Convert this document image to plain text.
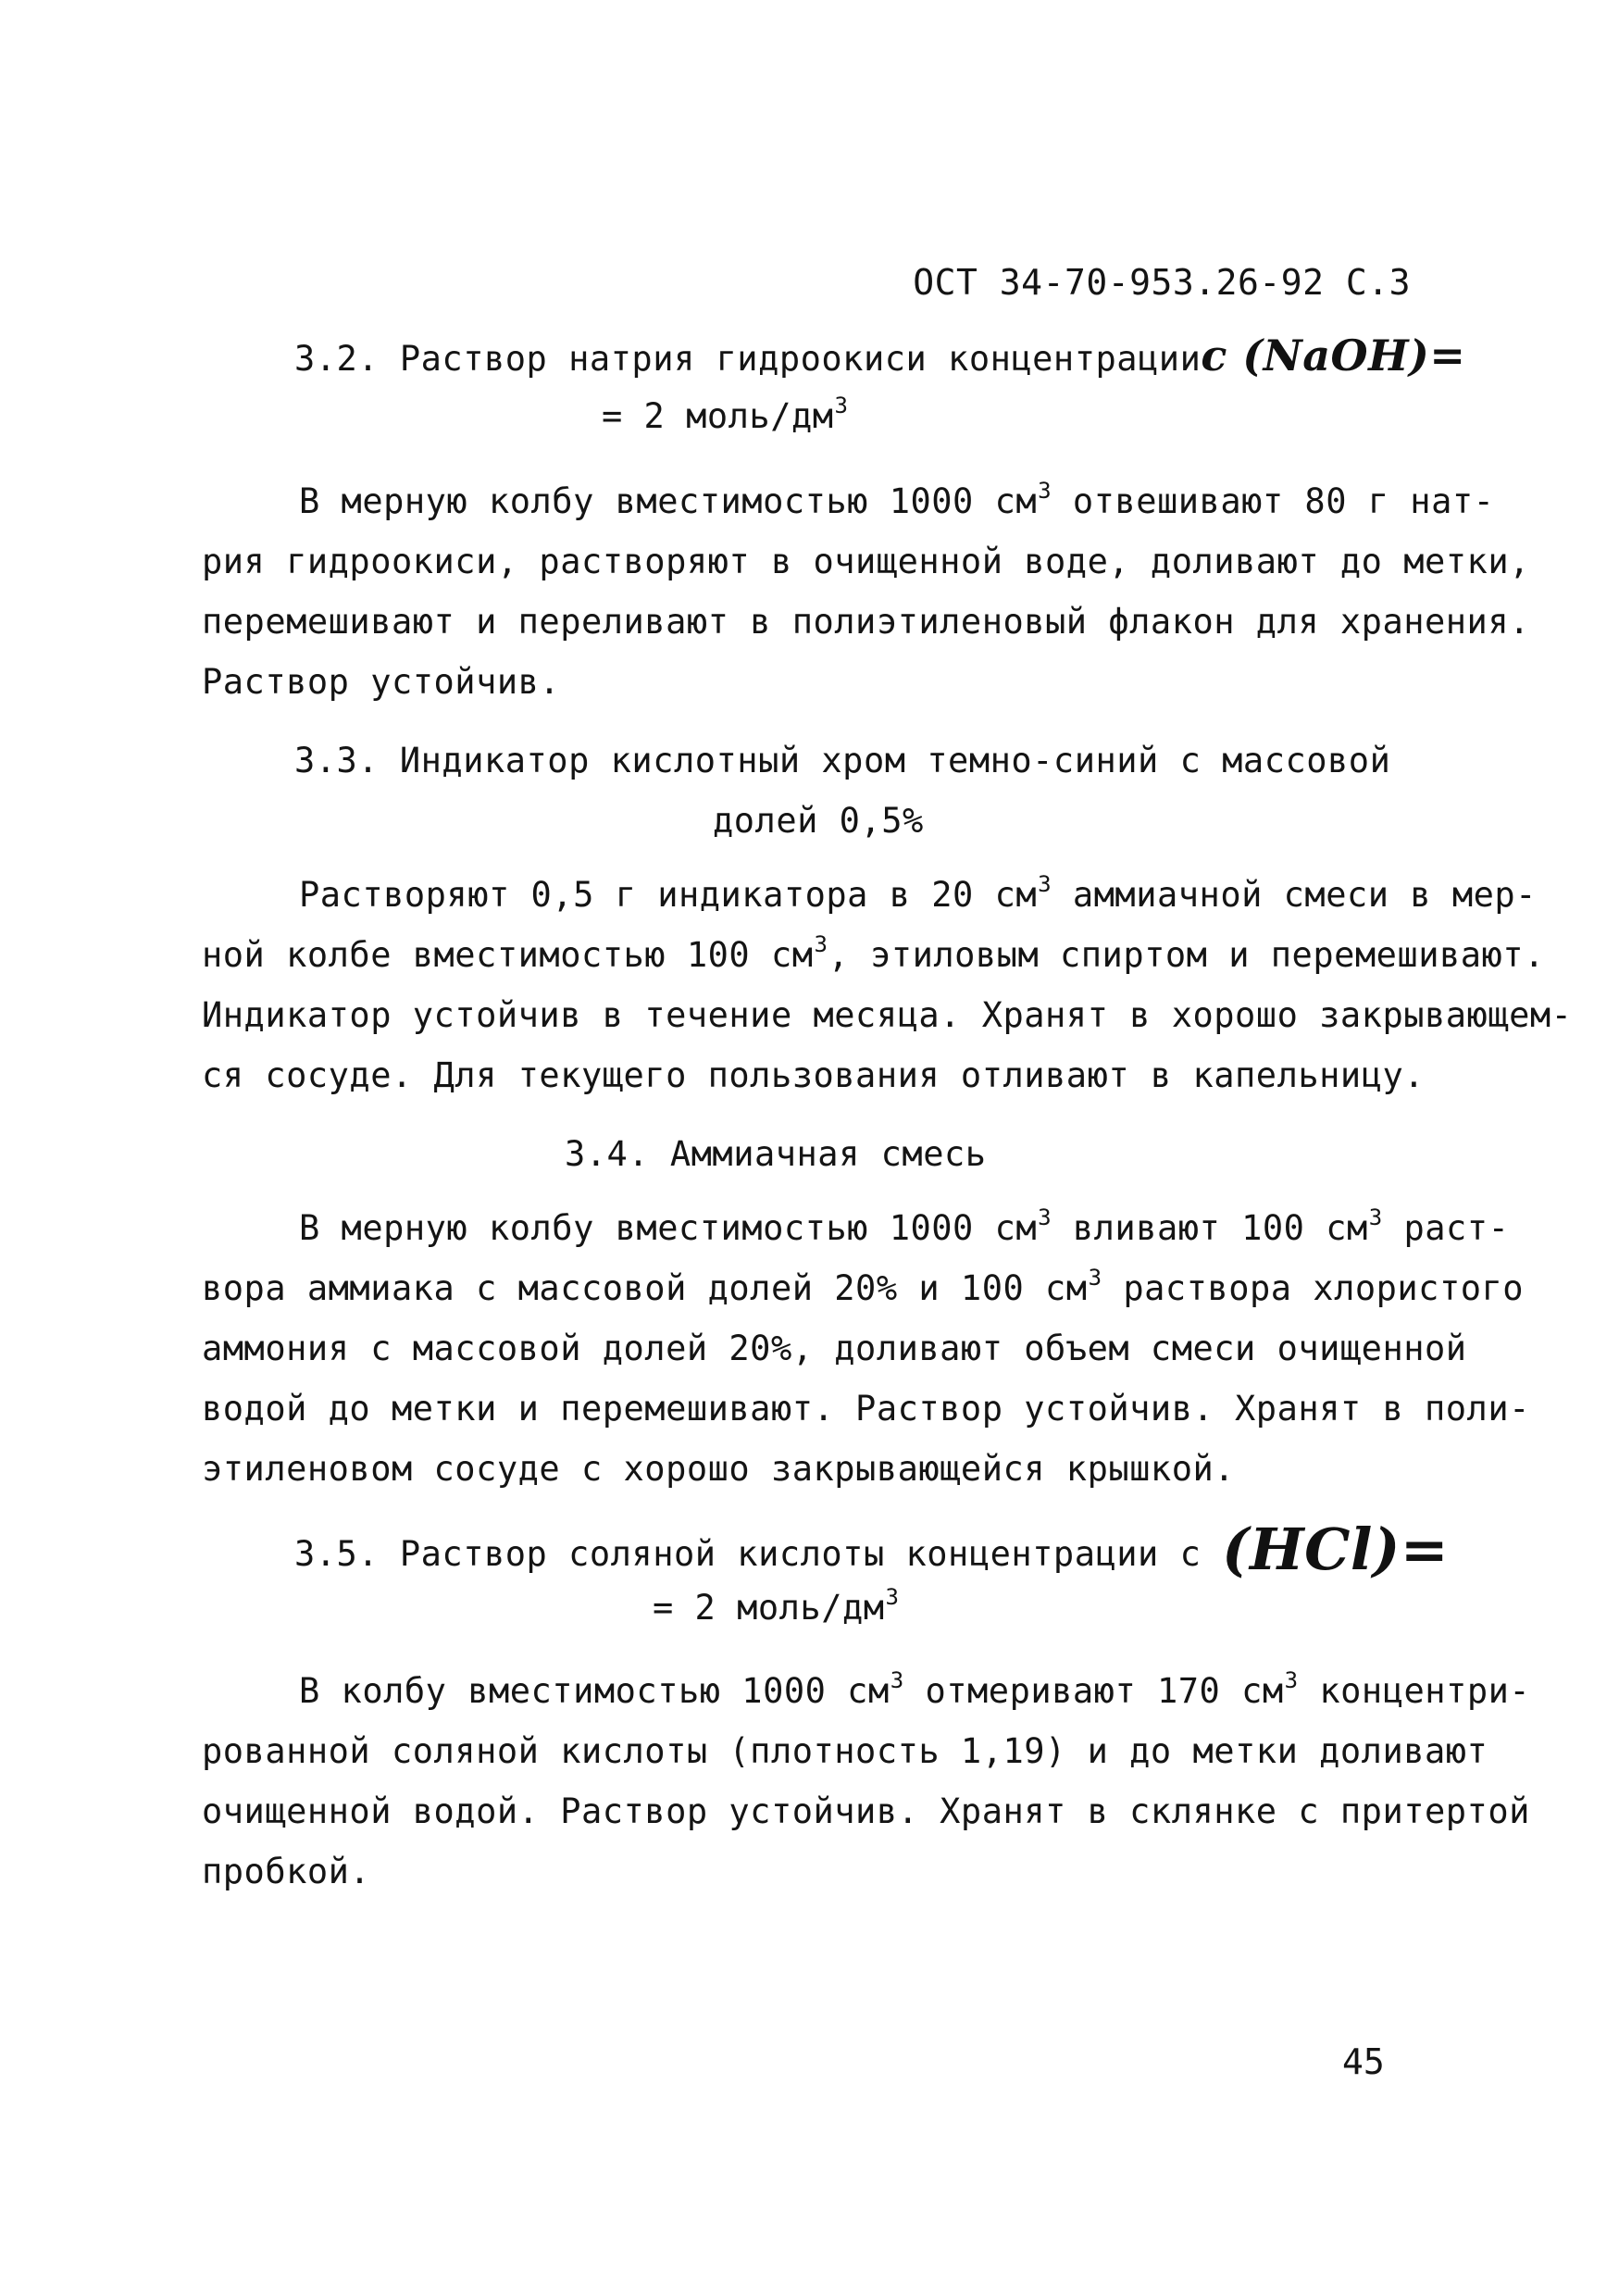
ОСТ 34-70-953.26-92 С.3
3.2. Раствор натрия гидроокиси концентрацииc (NaOH)=
= 2 моль/$дм^3$
В мерную колбу вместимостью 1000 $см^3$ отвешивают 80 г нат-
рия гидроокиси, растворяют в очищенной воде, доливают до метки,
перемешивают и переливают в полиэтиленовый флакон для хранения.
Раствор устойчив.
3.3. Индикатор кислотный хром темно-синий с массовой
долей 0,5%
Растворяют 0,5 г индикатора в 20 $см^3$ аммиачной смеси в мер-
ной колбе вместимостью 100 $см^3$, этиловым спиртом и перемешивают.
Индикатор устойчив в течение месяца. Хранят в хорошо закрывающем-
ся сосуде. Для текущего пользования отливают в капельницу.
3.4. Аммиачная смесь
В мерную колбу вместимостью 1000 $см^3$ вливают 100 $см^3$ раст-
вора аммиака с массовой долей 20% и 100 $см^3$ раствора хлористого
аммония с массовой долей 20%, доливают объем смеси очищенной
водой до метки и перемешивают. Раствор устойчив. Хранят в поли-
этиленовом сосуде с хорошо закрывающейся крышкой.
3.5. Раствор соляной кислоты концентрации с (HCl)=
= 2 моль/$дм^3$
В колбу вместимостью 1000 $см^3$ отмеривают 170 $см^3$ концентри-
рованной соляной кислоты (плотность 1,19) и до метки доливают
очищенной водой. Раствор устойчив. Хранят в склянке с притертой
пробкой.
45
